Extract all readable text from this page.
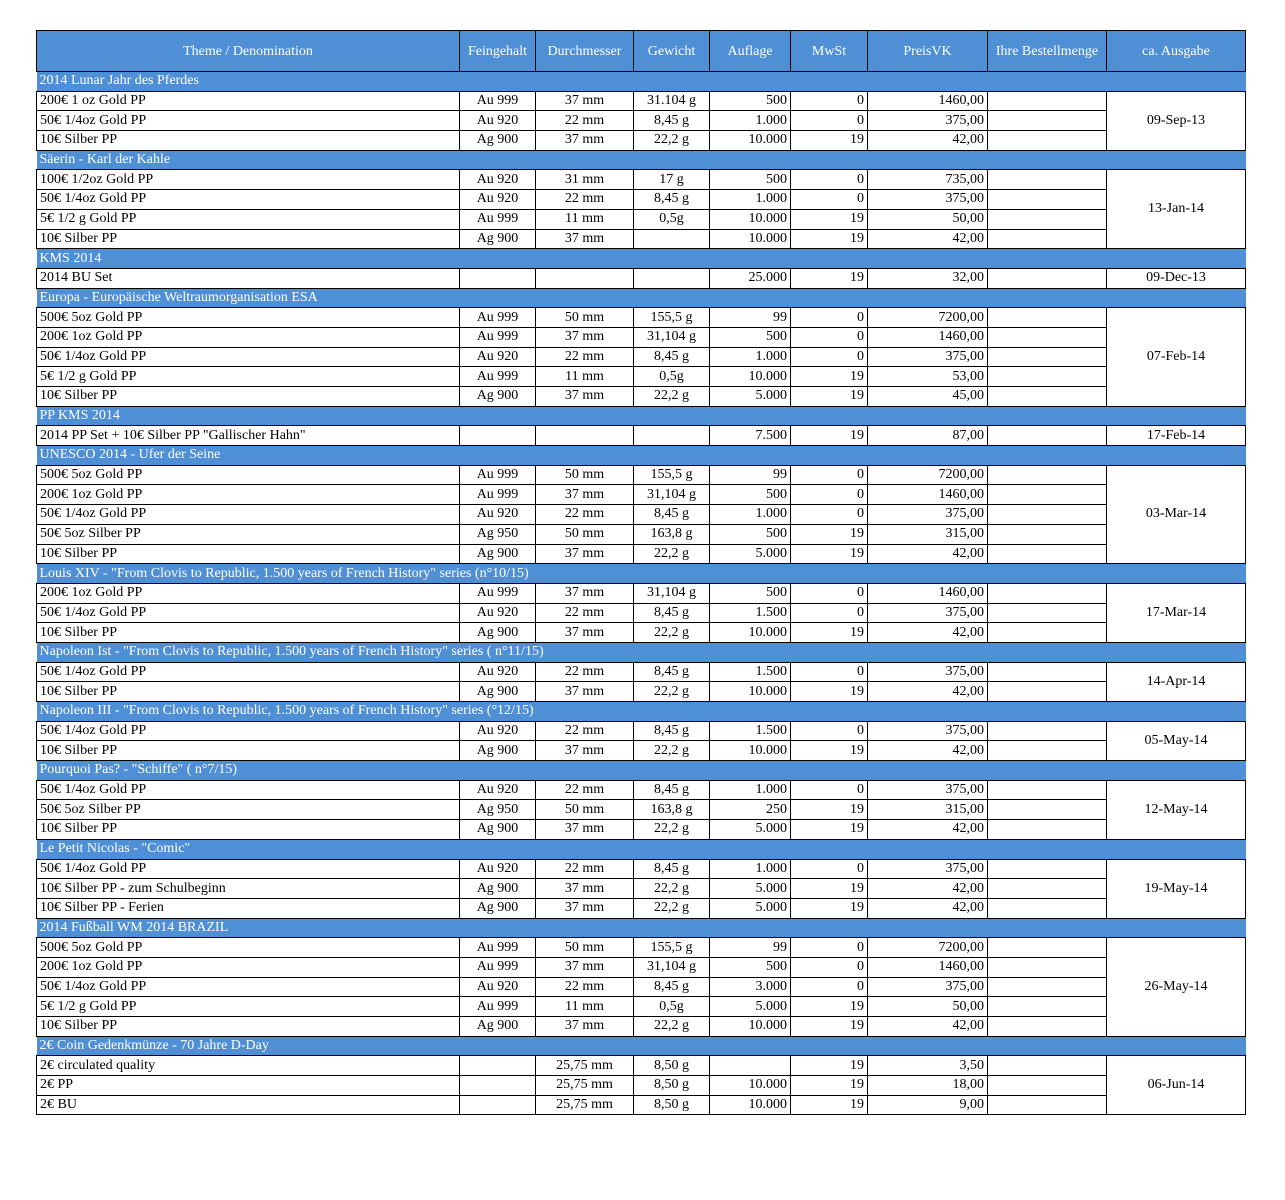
Theme / Denomination	Feingehalt	Durchmesser	Gewicht	Auflage	MwSt	PreisVK	Ihre Bestellmenge	ca. Ausgabe
2014 Lunar Jahr des Pferdes								
200€ 1 oz Gold PP	Au 999	37 mm	31.104 g	500	0	1460,00		09-Sep-13
50€ 1/4oz Gold PP	Au 920	22 mm	8,45 g	1.000	0	375,00		
10€ Silber PP	Ag 900	37 mm	22,2 g	10.000	19	42,00		
Säerin - Karl der Kahle								
100€ 1/2oz Gold PP	Au 920	31 mm	17 g	500	0	735,00		13-Jan-14
50€ 1/4oz Gold PP	Au 920	22 mm	8,45 g	1.000	0	375,00		
5€ 1/2 g Gold PP	Au 999	11 mm	0,5g	10.000	19	50,00		
10€ Silber PP	Ag 900	37 mm		10.000	19	42,00		
KMS 2014								
2014 BU Set				25.000	19	32,00		09-Dec-13
Europa - Europäische Weltraumorganisation ESA								
500€ 5oz Gold PP	Au 999	50 mm	155,5 g	99	0	7200,00		07-Feb-14
200€ 1oz Gold PP	Au 999	37 mm	31,104 g	500	0	1460,00		
50€ 1/4oz Gold PP	Au 920	22 mm	8,45 g	1.000	0	375,00		
5€ 1/2 g Gold PP	Au 999	11 mm	0,5g	10.000	19	53,00		
10€ Silber PP	Ag 900	37 mm	22,2 g	5.000	19	45,00		
PP KMS 2014								
2014 PP Set + 10€ Silber PP "Gallischer Hahn"				7.500	19	87,00		17-Feb-14
UNESCO 2014 - Ufer der Seine								
500€ 5oz Gold PP	Au 999	50 mm	155,5 g	99	0	7200,00		03-Mar-14
200€ 1oz Gold PP	Au 999	37 mm	31,104 g	500	0	1460,00		
50€ 1/4oz Gold PP	Au 920	22 mm	8,45 g	1.000	0	375,00		
50€ 5oz Silber PP	Ag 950	50 mm	163,8 g	500	19	315,00		
10€ Silber PP	Ag 900	37 mm	22,2 g	5.000	19	42,00		
Louis XIV - "From Clovis to Republic, 1.500 years of French History" series (n°10/15)								
200€ 1oz Gold PP	Au 999	37 mm	31,104 g	500	0	1460,00		17-Mar-14
50€ 1/4oz Gold PP	Au 920	22 mm	8,45 g	1.500	0	375,00		
10€ Silber PP	Ag 900	37 mm	22,2 g	10.000	19	42,00		
Napoleon Ist - "From Clovis to Republic, 1.500 years of French History" series ( n°11/15)								
50€ 1/4oz Gold PP	Au 920	22 mm	8,45 g	1.500	0	375,00		14-Apr-14
10€ Silber PP	Ag 900	37 mm	22,2 g	10.000	19	42,00		
Napoleon III - "From Clovis to Republic, 1.500 years of French History" series (°12/15)								
50€ 1/4oz Gold PP	Au 920	22 mm	8,45 g	1.500	0	375,00		05-May-14
10€ Silber PP	Ag 900	37 mm	22,2 g	10.000	19	42,00		
Pourquoi Pas? - "Schiffe" ( n°7/15)								
50€ 1/4oz Gold PP	Au 920	22 mm	8,45 g	1.000	0	375,00		12-May-14
50€ 5oz Silber PP	Ag 950	50 mm	163,8 g	250	19	315,00		
10€ Silber PP	Ag 900	37 mm	22,2 g	5.000	19	42,00		
Le Petit Nicolas - "Comic"								
50€ 1/4oz Gold PP	Au 920	22 mm	8,45 g	1.000	0	375,00		19-May-14
10€ Silber PP - zum Schulbeginn	Ag 900	37 mm	22,2 g	5.000	19	42,00		
10€ Silber PP - Ferien	Ag 900	37 mm	22,2 g	5.000	19	42,00		
2014 Fußball WM 2014 BRAZIL								
500€ 5oz Gold PP	Au 999	50 mm	155,5 g	99	0	7200,00		26-May-14
200€ 1oz Gold PP	Au 999	37 mm	31,104 g	500	0	1460,00		
50€ 1/4oz Gold PP	Au 920	22 mm	8,45 g	3.000	0	375,00		
5€ 1/2 g Gold PP	Au 999	11 mm	0,5g	5.000	19	50,00		
10€ Silber PP	Ag 900	37 mm	22,2 g	10.000	19	42,00		
2€ Coin Gedenkmünze - 70 Jahre D-Day								
2€ circulated quality		25,75 mm	8,50 g		19	3,50		06-Jun-14
2€ PP		25,75 mm	8,50 g	10.000	19	18,00		
2€ BU		25,75 mm	8,50 g	10.000	19	9,00		
